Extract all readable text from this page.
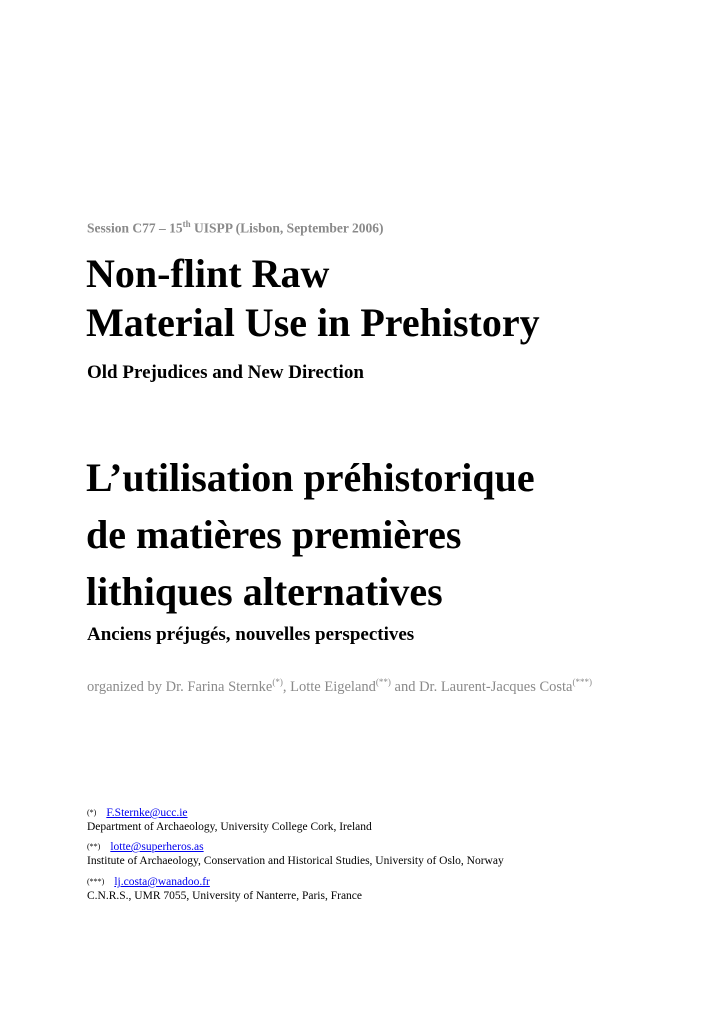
Session C77 – 15th UISPP (Lisbon, September 2006)
Non-flint Raw
Material Use in Prehistory
Old Prejudices and New Direction
L’utilisation préhistorique
de matières premières
lithiques alternatives
Anciens préjugés, nouvelles perspectives
organized by Dr. Farina Sternke(*), Lotte Eigeland(**) and Dr. Laurent-Jacques Costa(***)
(*) F.Sternke@ucc.ie
Department of Archaeology, University College Cork, Ireland
(**) lotte@superheros.as
Institute of Archaeology, Conservation and Historical Studies, University of Oslo, Norway
(***) lj.costa@wanadoo.fr
C.N.R.S., UMR 7055, University of Nanterre, Paris, France
